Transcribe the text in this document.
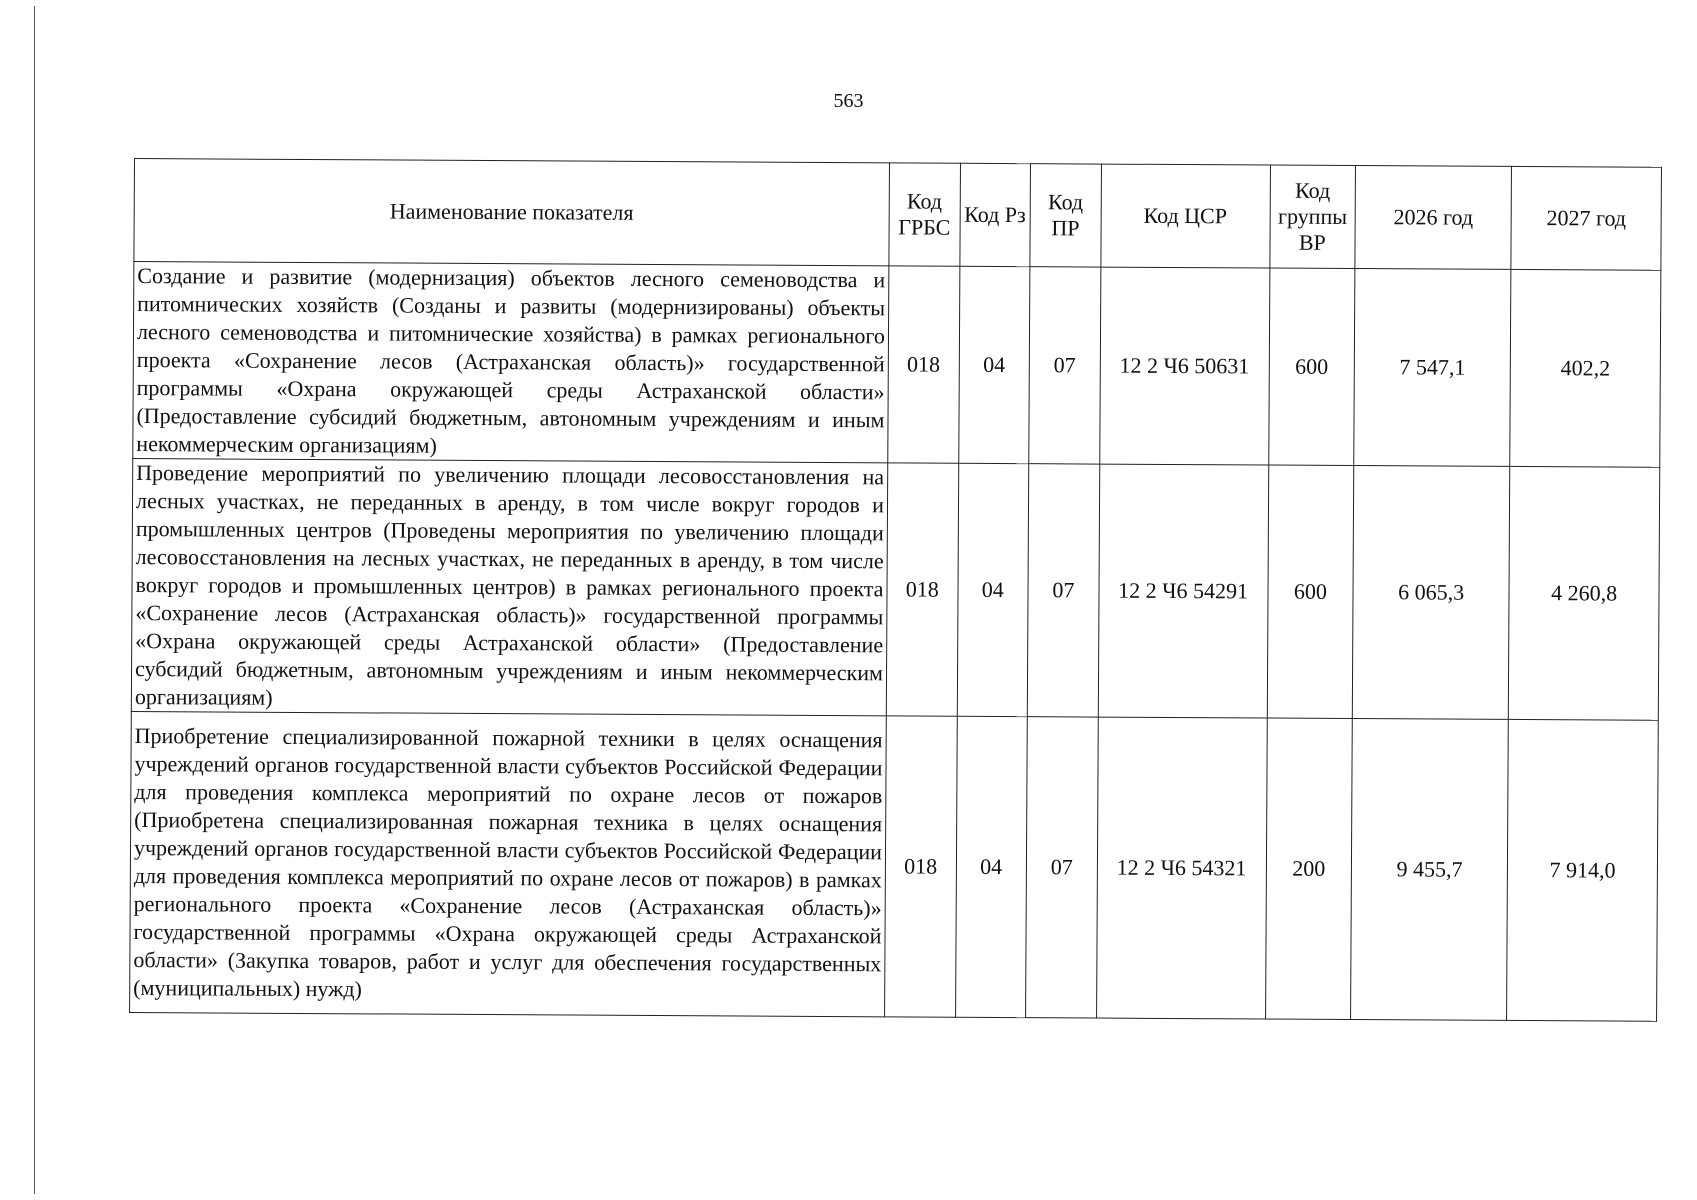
563
Наименование показателя	Код ГРБС	Код Рз	Код ПР	Код ЦСР	Код группы ВР	2026 год	2027 год
Создание и развитие (модернизация) объектов лесного семеноводства и питомнических хозяйств (Созданы и развиты (модернизированы) объекты лесного семеноводства и питомнические хозяйства) в рамках регионального проекта «Сохранение лесов (Астраханская область)» государственной программы «Охрана окружающей среды Астраханской области» (Предоставление субсидий бюджетным, автономным учреждениям и иным некоммерческим организациям)	018	04	07	12 2 Ч6 50631	600	7 547,1	402,2
Проведение мероприятий по увеличению площади лесовосстановления на лесных участках, не переданных в аренду, в том числе вокруг городов и промышленных центров (Проведены мероприятия по увеличению площади лесовосстановления на лесных участках, не переданных в аренду, в том числе вокруг городов и промышленных центров) в рамках регионального проекта «Сохранение лесов (Астраханская область)» государственной программы «Охрана окружающей среды Астраханской области» (Предоставление субсидий бюджетным, автономным учреждениям и иным некоммерческим организациям)	018	04	07	12 2 Ч6 54291	600	6 065,3	4 260,8
Приобретение специализированной пожарной техники в целях оснащения учреждений органов государственной власти субъектов Российской Федерации для проведения комплекса мероприятий по охране лесов от пожаров (Приобретена специализированная пожарная техника в целях оснащения учреждений органов государственной власти субъектов Российской Федерации для проведения комплекса мероприятий по охране лесов от пожаров) в рамках регионального проекта «Сохранение лесов (Астраханская область)» государственной программы «Охрана окружающей среды Астраханской области» (Закупка товаров, работ и услуг для обеспечения государственных (муниципальных) нужд)	018	04	07	12 2 Ч6 54321	200	9 455,7	7 914,0
